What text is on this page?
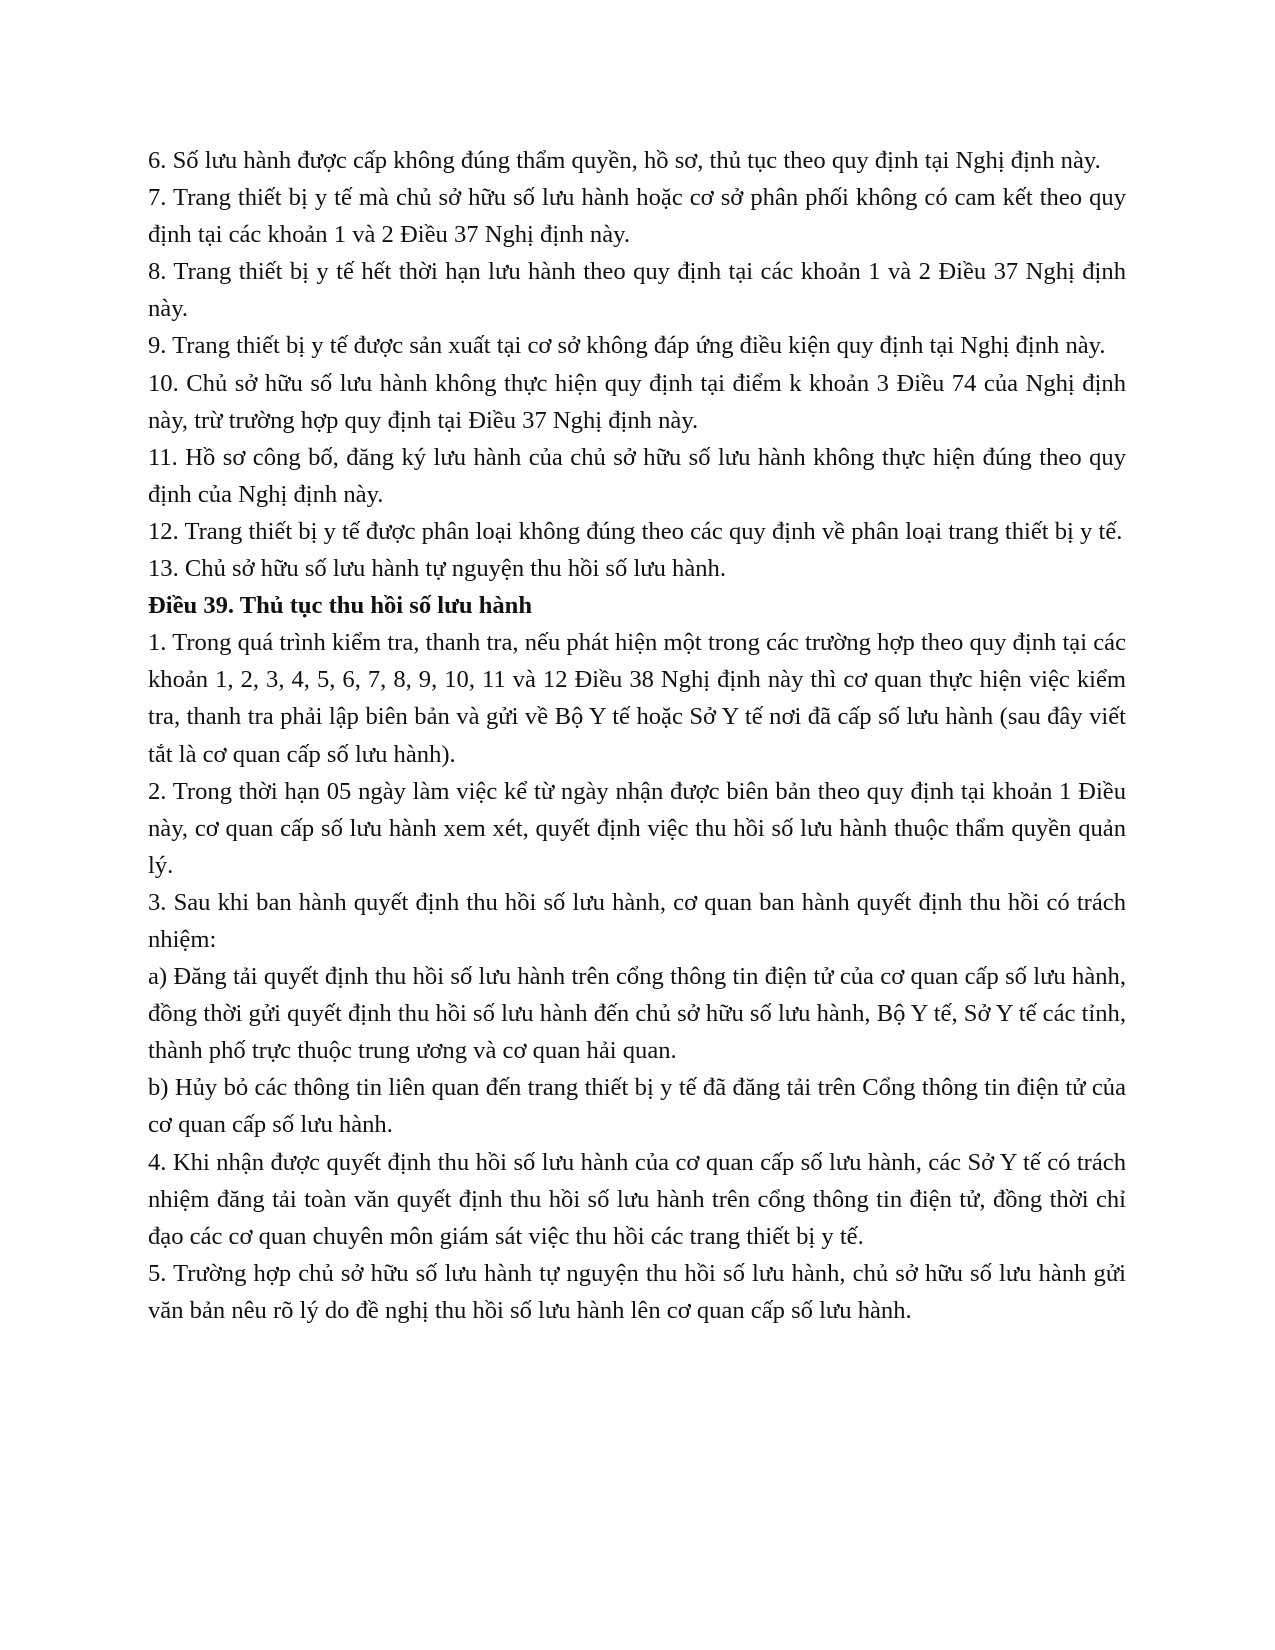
6. Số lưu hành được cấp không đúng thẩm quyền, hồ sơ, thủ tục theo quy định tại Nghị định này.

7. Trang thiết bị y tế mà chủ sở hữu số lưu hành hoặc cơ sở phân phối không có cam kết theo quy định tại các khoản 1 và 2 Điều 37 Nghị định này.

8. Trang thiết bị y tế hết thời hạn lưu hành theo quy định tại các khoản 1 và 2 Điều 37 Nghị định này.

9. Trang thiết bị y tế được sản xuất tại cơ sở không đáp ứng điều kiện quy định tại Nghị định này.

10. Chủ sở hữu số lưu hành không thực hiện quy định tại điểm k khoản 3 Điều 74 của Nghị định này, trừ trường hợp quy định tại Điều 37 Nghị định này.

11. Hồ sơ công bố, đăng ký lưu hành của chủ sở hữu số lưu hành không thực hiện đúng theo quy định của Nghị định này.

12. Trang thiết bị y tế được phân loại không đúng theo các quy định về phân loại trang thiết bị y tế.

13. Chủ sở hữu số lưu hành tự nguyện thu hồi số lưu hành.

Điều 39. Thủ tục thu hồi số lưu hành

1. Trong quá trình kiểm tra, thanh tra, nếu phát hiện một trong các trường hợp theo quy định tại các khoản 1, 2, 3, 4, 5, 6, 7, 8, 9, 10, 11 và 12 Điều 38 Nghị định này thì cơ quan thực hiện việc kiểm tra, thanh tra phải lập biên bản và gửi về Bộ Y tế hoặc Sở Y tế nơi đã cấp số lưu hành (sau đây viết tắt là cơ quan cấp số lưu hành).

2. Trong thời hạn 05 ngày làm việc kể từ ngày nhận được biên bản theo quy định tại khoản 1 Điều này, cơ quan cấp số lưu hành xem xét, quyết định việc thu hồi số lưu hành thuộc thẩm quyền quản lý.

3. Sau khi ban hành quyết định thu hồi số lưu hành, cơ quan ban hành quyết định thu hồi có trách nhiệm:

a) Đăng tải quyết định thu hồi số lưu hành trên cổng thông tin điện tử của cơ quan cấp số lưu hành, đồng thời gửi quyết định thu hồi số lưu hành đến chủ sở hữu số lưu hành, Bộ Y tế, Sở Y tế các tỉnh, thành phố trực thuộc trung ương và cơ quan hải quan.

b) Hủy bỏ các thông tin liên quan đến trang thiết bị y tế đã đăng tải trên Cổng thông tin điện tử của cơ quan cấp số lưu hành.

4. Khi nhận được quyết định thu hồi số lưu hành của cơ quan cấp số lưu hành, các Sở Y tế có trách nhiệm đăng tải toàn văn quyết định thu hồi số lưu hành trên cổng thông tin điện tử, đồng thời chỉ đạo các cơ quan chuyên môn giám sát việc thu hồi các trang thiết bị y tế.

5. Trường hợp chủ sở hữu số lưu hành tự nguyện thu hồi số lưu hành, chủ sở hữu số lưu hành gửi văn bản nêu rõ lý do đề nghị thu hồi số lưu hành lên cơ quan cấp số lưu hành.
